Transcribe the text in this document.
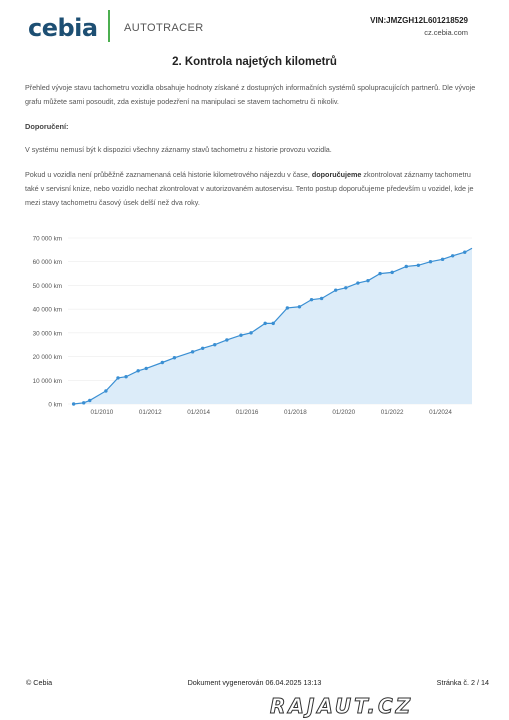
cebia AUTOTRACER
VIN:JMZGH12L601218529
cz.cebia.com
2. Kontrola najetých kilometrů
Přehled vývoje stavu tachometru vozidla obsahuje hodnoty získané z dostupných informačních systémů spolupracujících partnerů. Dle vývoje grafu můžete sami posoudit, zda existuje podezření na manipulaci se stavem tachometru či nikoliv.
Doporučení:
V systému nemusí být k dispozici všechny záznamy stavů tachometru z historie provozu vozidla.
Pokud u vozidla není průběžně zaznamenaná celá historie kilometrového nájezdu v čase, doporučujeme zkontrolovat záznamy tachometru také v servisní knize, nebo vozidlo nechat zkontrolovat v autorizovaném autoservisu. Tento postup doporučujeme především u vozidel, kde je mezi stavy tachometru časový úsek delší než dva roky.
0 km
10 000 km
20 000 km
30 000 km
40 000 km
50 000 km
60 000 km
70 000 km
01/2010	01/2012	01/2014	01/2016	01/2018	01/2020	01/2022	01/2024
© Cebia	Dokument vygenerován 06.04.2025 13:13	Stránka č. 2 / 14
RAJAUT.CZ
